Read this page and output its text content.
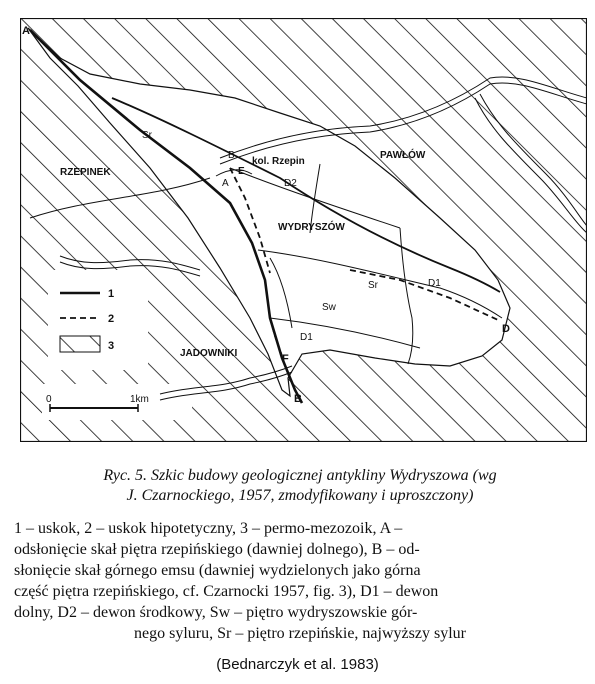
1
2
3
0	1km
RZEPINEK
PAWŁÓW
kol. Rzepin
WYDRYSZÓW
JADOWNIKI
Sr
Sr
D2
Sw
D1
D1
A
B
E
A
F
B
D
Ryc. 5. Szkic budowy geologicznej antykliny Wydryszowa (wg
J. Czarnockiego, 1957, zmodyfikowany i uproszczony)
1 – uskok, 2 – uskok hipotetyczny, 3 – permo-mezozoik, A –
odsłonięcie skał piętra rzepińskiego (dawniej dolnego), B – od-
słonięcie skał górnego emsu (dawniej wydzielonych jako górna
część piętra rzepińskiego, cf. Czarnocki 1957, fig. 3), D1 – dewon
dolny, D2 – dewon środkowy, Sw – piętro wydryszowskie gór-
nego syluru, Sr – piętro rzepińskie, najwyższy sylur
(Bednarczyk et al. 1983)
